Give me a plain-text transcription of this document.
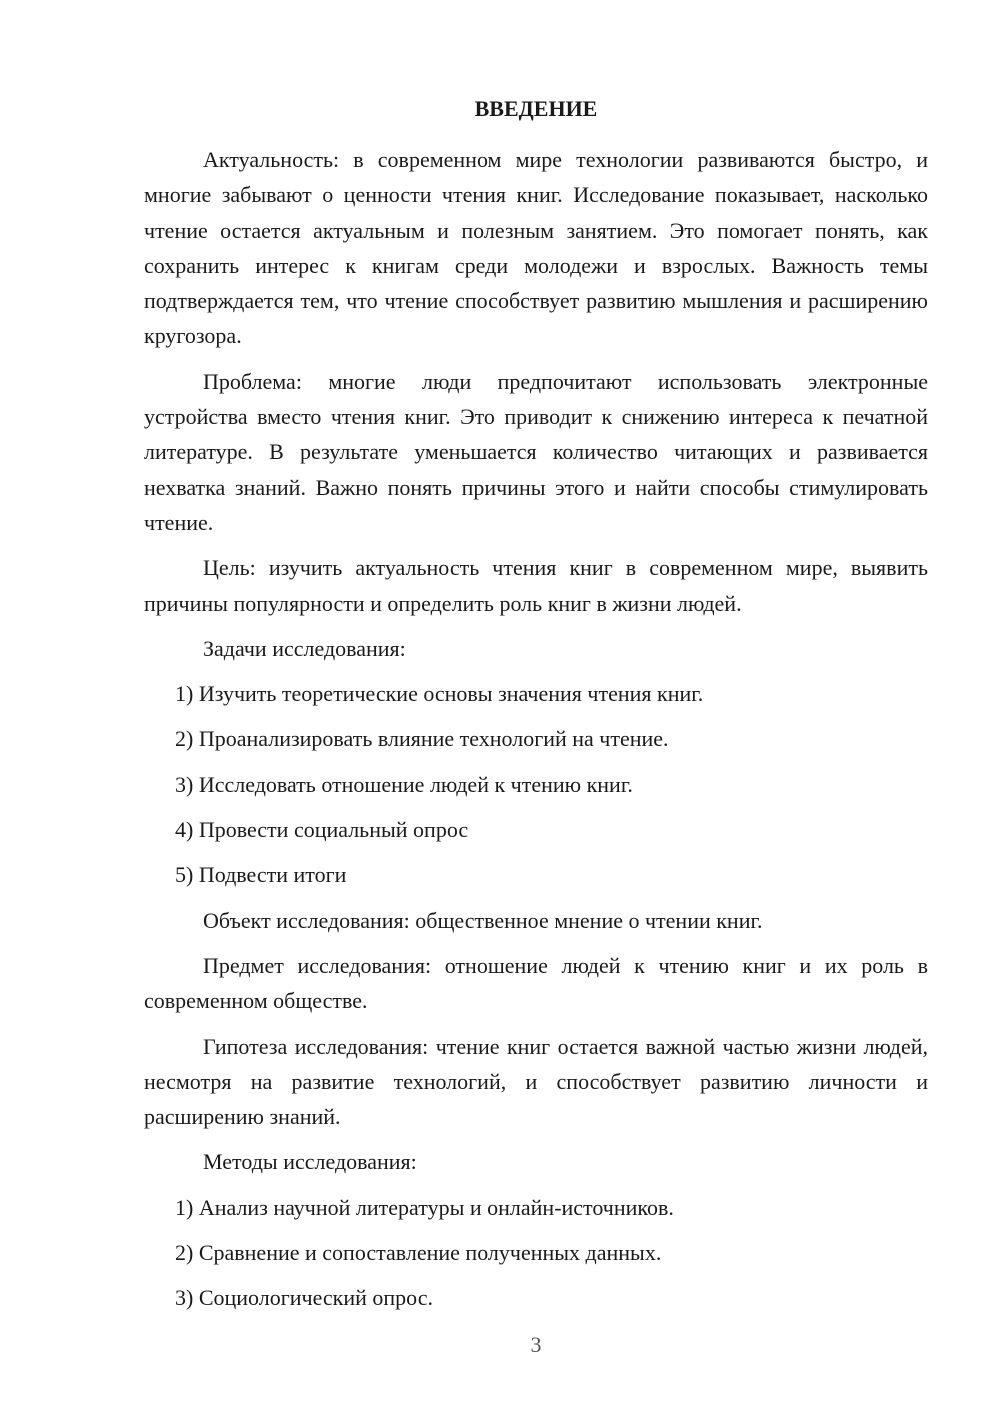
ВВЕДЕНИЕ

Актуальность: в современном мире технологии развиваются быстро, и многие забывают о ценности чтения книг. Исследование показывает, насколько чтение остается актуальным и полезным занятием. Это помогает понять, как сохранить интерес к книгам среди молодежи и взрослых. Важность темы подтверждается тем, что чтение способствует развитию мышления и расширению кругозора.

Проблема: многие люди предпочитают использовать электронные устройства вместо чтения книг. Это приводит к снижению интереса к печатной литературе. В результате уменьшается количество читающих и развивается нехватка знаний. Важно понять причины этого и найти способы стимулировать чтение.

Цель: изучить актуальность чтения книг в современном мире, выявить причины популярности и определить роль книг в жизни людей.

Задачи исследования:

1) Изучить теоретические основы значения чтения книг.

2) Проанализировать влияние технологий на чтение.

3) Исследовать отношение людей к чтению книг.

4) Провести социальный опрос

5) Подвести итоги

Объект исследования: общественное мнение о чтении книг.

Предмет исследования: отношение людей к чтению книг и их роль в современном обществе.

Гипотеза исследования: чтение книг остается важной частью жизни людей, несмотря на развитие технологий, и способствует развитию личности и расширению знаний.

Методы исследования:

1) Анализ научной литературы и онлайн-источников.

2) Сравнение и сопоставление полученных данных.

3) Социологический опрос.

3
